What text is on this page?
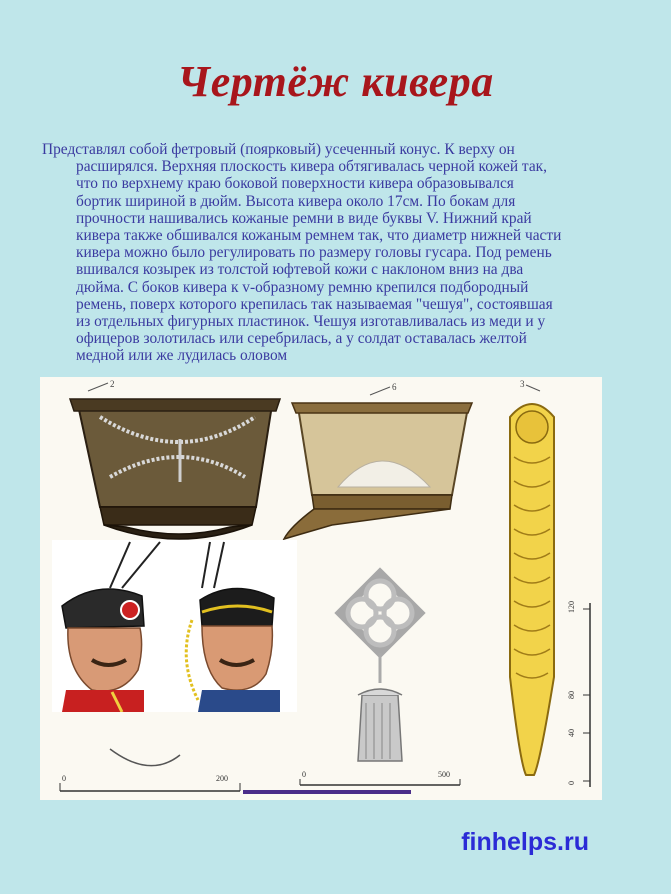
Чертёж кивера
Представлял собой фетровый (поярковый) усеченный конус. К верху он
расширялся. Верхняя плоскость кивера обтягивалась черной кожей так,
что по верхнему краю боковой поверхности кивера образовывался
бортик шириной в дюйм. Высота кивера около 17см. По бокам для
прочности нашивались кожаные ремни в виде буквы V. Нижний край
кивера также обшивался кожаным ремнем так, что диаметр нижней части
кивера можно было регулировать по размеру головы гусара. Под ремень
вшивался козырек из толстой юфтевой кожи с наклоном вниз на два
дюйма. С боков кивера к v-образному ремню крепился подбородный
ремень, поверх которого крепилась так называемая "чешуя", состоявшая
из отдельных фигурных пластинок. Чешуя изготавливалась из меди и у
офицеров золотилась или серебрилась, а у солдат оставалась желтой
медной или же лудилась оловом
2	6	3
120
80
40
0
0	500
0	200
finhelps.ru
